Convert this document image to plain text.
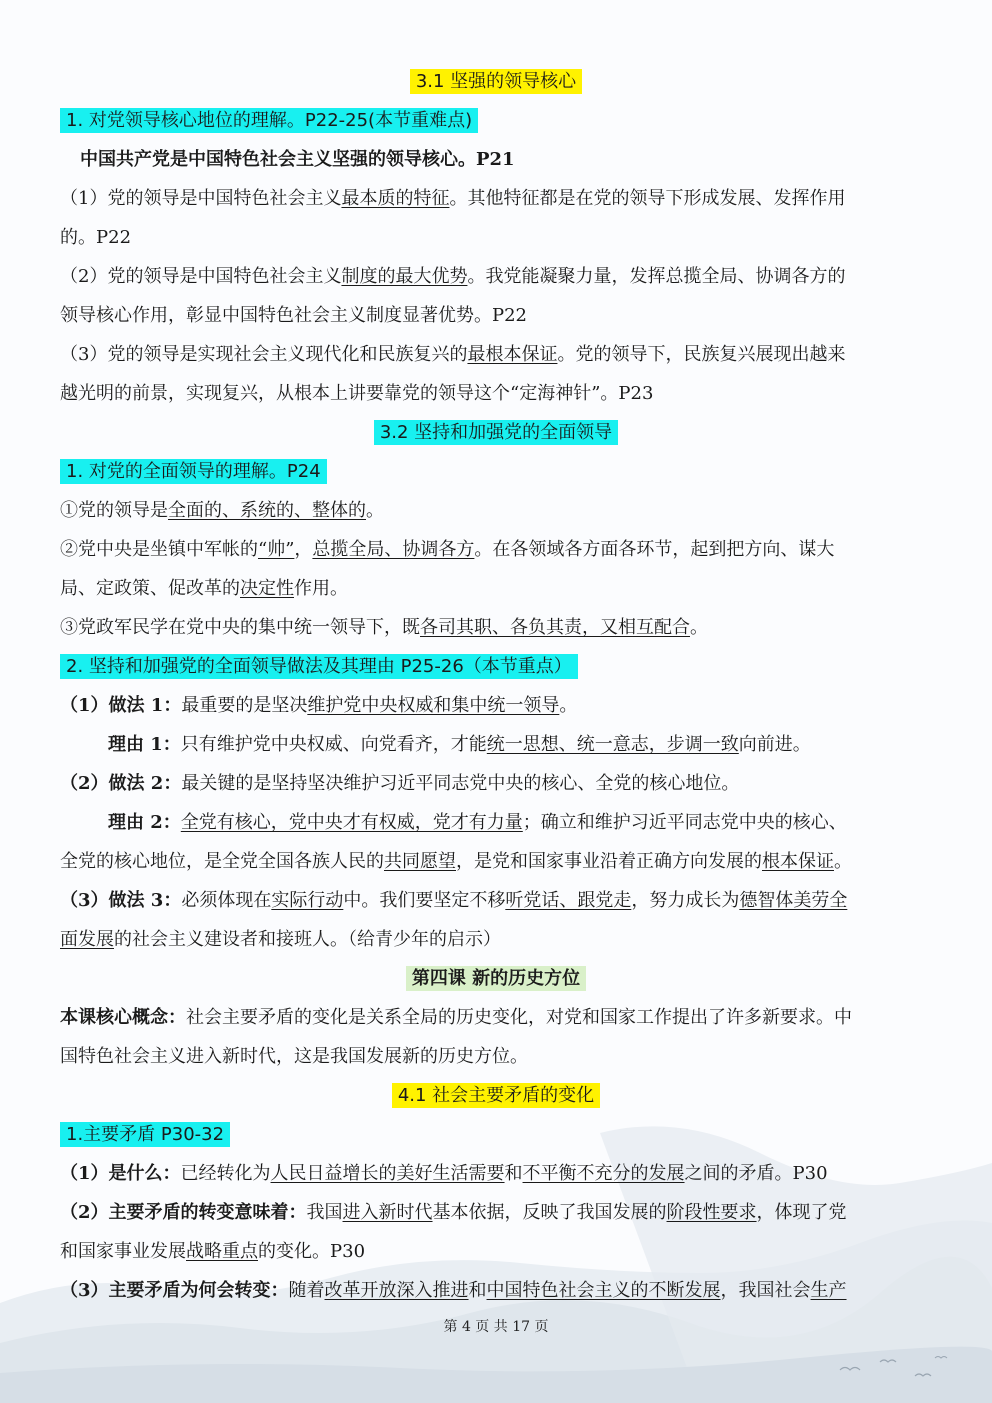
3.1 坚强的领导核心
1. 对党领导核心地位的理解。P22-25(本节重难点)
中国共产党是中国特色社会主义坚强的领导核心。P21
（1）党的领导是中国特色社会主义最本质的特征。其他特征都是在党的领导下形成发展、发挥作用
的。P22
（2）党的领导是中国特色社会主义制度的最大优势。我党能凝聚力量，发挥总揽全局、协调各方的
领导核心作用，彰显中国特色社会主义制度显著优势。P22
（3）党的领导是实现社会主义现代化和民族复兴的最根本保证。党的领导下，民族复兴展现出越来
越光明的前景，实现复兴，从根本上讲要靠党的领导这个“定海神针”。P23
3.2 坚持和加强党的全面领导
1. 对党的全面领导的理解。P24
①党的领导是全面的、系统的、整体的。
②党中央是坐镇中军帐的“帅”，总揽全局、协调各方。在各领域各方面各环节，起到把方向、谋大
局、定政策、促改革的决定性作用。
③党政军民学在党中央的集中统一领导下，既各司其职、各负其责，又相互配合。
2. 坚持和加强党的全面领导做法及其理由 P25-26（本节重点）
（1）做法 1：最重要的是坚决维护党中央权威和集中统一领导。
理由 1：只有维护党中央权威、向党看齐，才能统一思想、统一意志，步调一致向前进。
（2）做法 2：最关键的是坚持坚决维护习近平同志党中央的核心、全党的核心地位。
理由 2：全党有核心，党中央才有权威，党才有力量；确立和维护习近平同志党中央的核心、
全党的核心地位，是全党全国各族人民的共同愿望，是党和国家事业沿着正确方向发展的根本保证。
（3）做法 3：必须体现在实际行动中。我们要坚定不移听党话、跟党走，努力成长为德智体美劳全
面发展的社会主义建设者和接班人。（给青少年的启示）
第四课 新的历史方位
本课核心概念：社会主要矛盾的变化是关系全局的历史变化，对党和国家工作提出了许多新要求。中
国特色社会主义进入新时代，这是我国发展新的历史方位。
4.1 社会主要矛盾的变化
1.主要矛盾 P30-32
（1）是什么：已经转化为人民日益增长的美好生活需要和不平衡不充分的发展之间的矛盾。P30
（2）主要矛盾的转变意味着：我国进入新时代基本依据，反映了我国发展的阶段性要求，体现了党
和国家事业发展战略重点的变化。P30
（3）主要矛盾为何会转变：随着改革开放深入推进和中国特色社会主义的不断发展，我国社会生产
第 4 页 共 17 页
